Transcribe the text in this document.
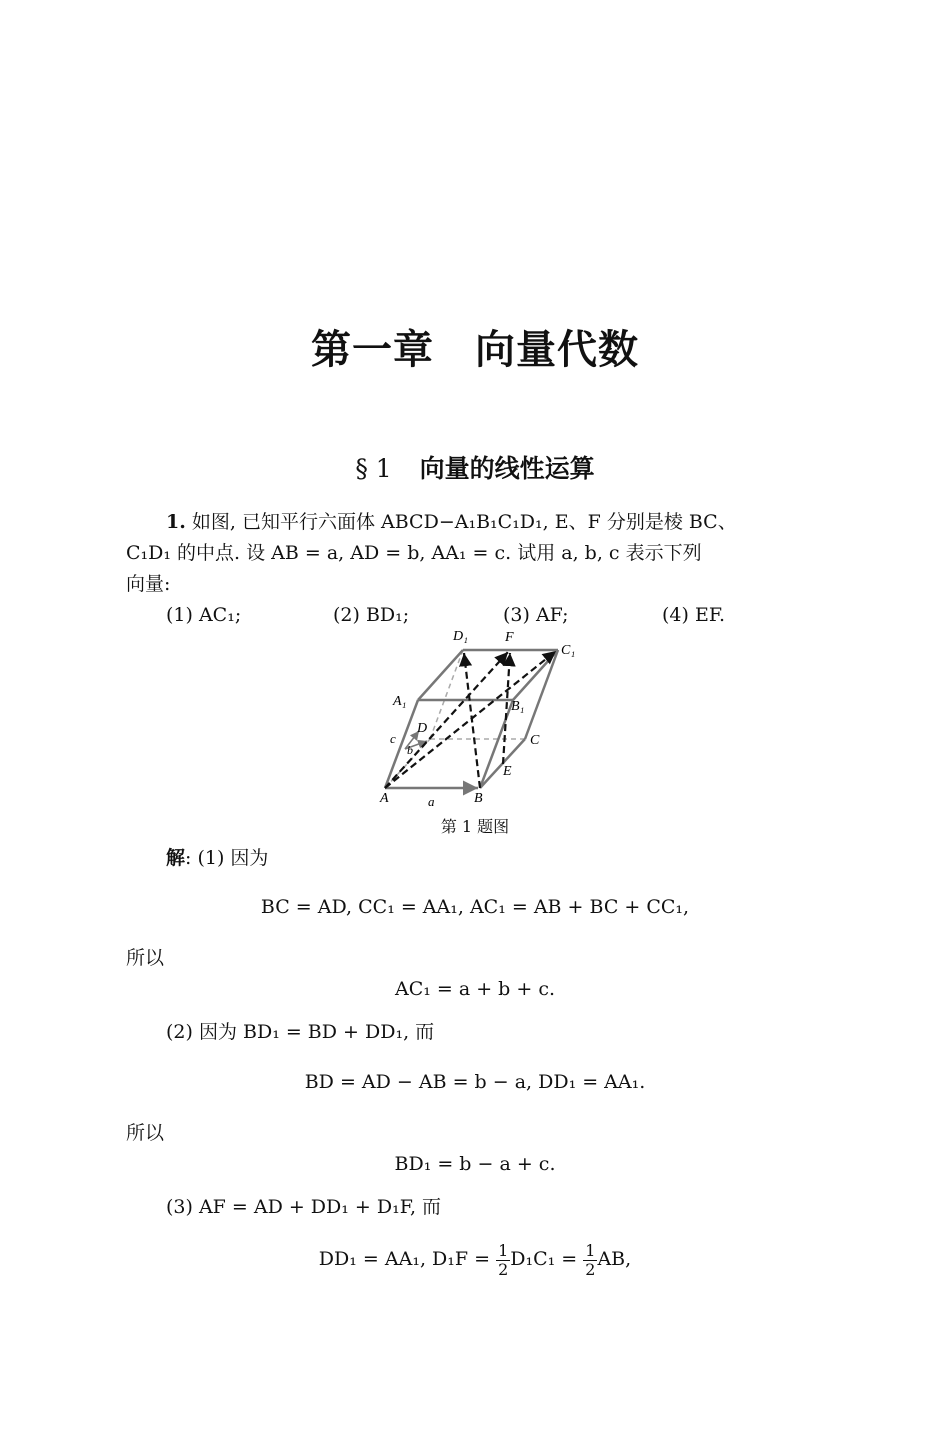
第一章　向量代数
§ 1 向量的线性运算
1. 如图, 已知平行六面体 ABCD−A₁B₁C₁D₁, E、F 分别是棱 BC、
C₁D₁ 的中点. 设 AB = a, AD = b, AA₁ = c. 试用 a, b, c 表示下列
向量:
(1) AC₁;	(2) BD₁;	(3) AF;	(4) EF.
A	B
C
D
E
F
A₁	B₁
C₁
D₁
a
b
c
第 1 题图
解: (1) 因为
BC = AD, CC₁ = AA₁, AC₁ = AB + BC + CC₁,
所以
AC₁ = a + b + c.
(2) 因为 BD₁ = BD + DD₁, 而
BD = AD − AB = b − a, DD₁ = AA₁.
所以
BD₁ = b − a + c.
(3) AF = AD + DD₁ + D₁F, 而
DD₁ = AA₁, $D_1F = \frac{1}{2} D_1C_1 = \frac{1}{2}$ AB,
